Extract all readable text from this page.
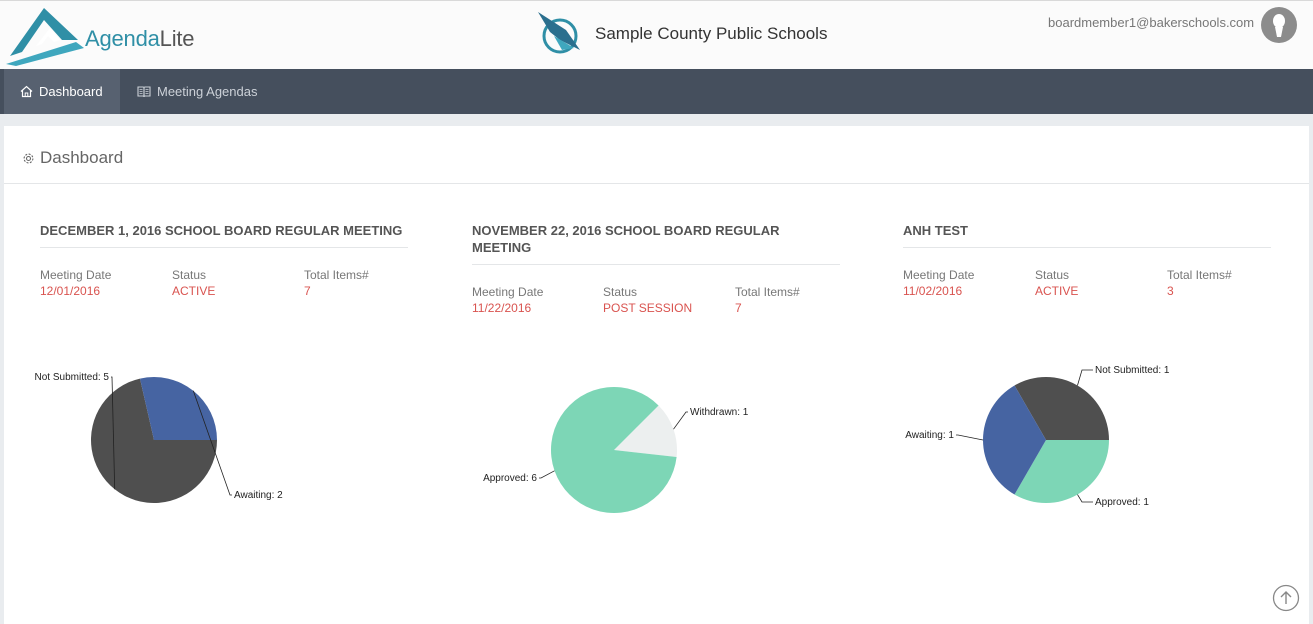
AgendaLite	Sample County Public Schools
boardmember1@bakerschools.com
Dashboard	Meeting Agendas
Dashboard
DECEMBER 1, 2016 SCHOOL BOARD REGULAR MEETING
Meeting Date
12/01/2016
Status
ACTIVE
Total Items#
7
NOVEMBER 22, 2016 SCHOOL BOARD REGULAR MEETING
Meeting Date
11/22/2016
Status
POST SESSION
Total Items#
7
ANH TEST
Meeting Date
11/02/2016
Status
ACTIVE
Total Items#
3
Not Submitted: 5
Awaiting: 2
Withdrawn: 1
Approved: 6
Not Submitted: 1
Approved: 1
Awaiting: 1
